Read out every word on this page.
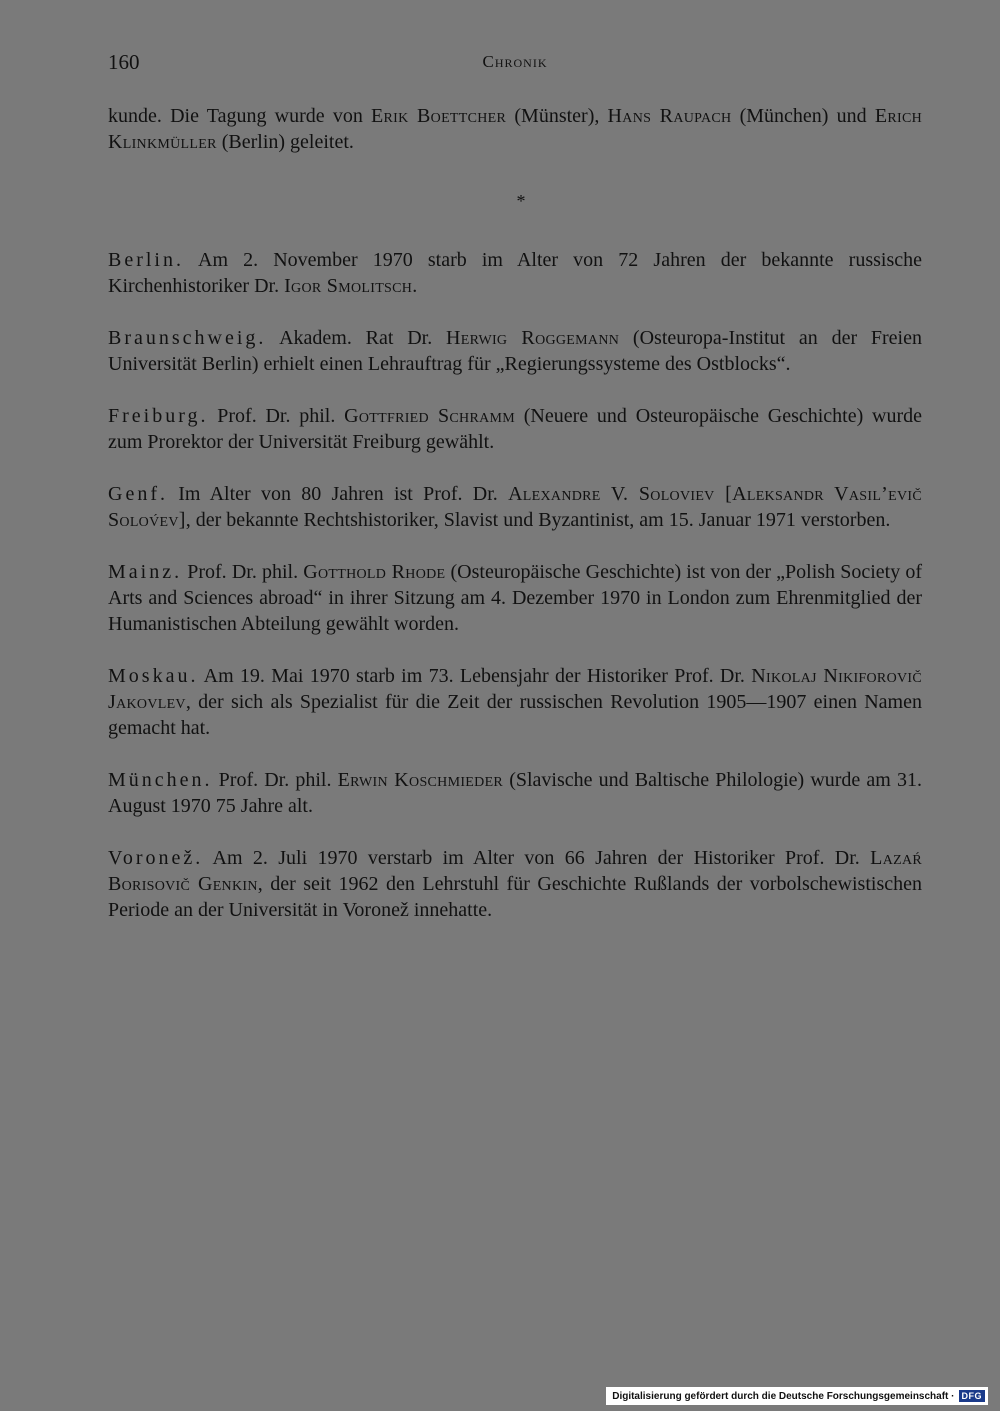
160	Chronik

kunde. Die Tagung wurde von Erik Boettcher (Münster), Hans Raupach (München) und Erich Klinkmüller (Berlin) geleitet.

*

Berlin. Am 2. November 1970 starb im Alter von 72 Jahren der bekannte russische Kirchenhistoriker Dr. Igor Smolitsch.

Braunschweig. Akadem. Rat Dr. Herwig Roggemann (Osteuropa-Institut an der Freien Universität Berlin) erhielt einen Lehrauftrag für „Regierungssysteme des Ostblocks“.

Freiburg. Prof. Dr. phil. Gottfried Schramm (Neuere und Osteuropäische Geschichte) wurde zum Prorektor der Universität Freiburg gewählt.

Genf. Im Alter von 80 Jahren ist Prof. Dr. Alexandre V. Soloviev [Aleksandr Vasil’evič Solov́ev], der bekannte Rechtshistoriker, Slavist und Byzantinist, am 15. Januar 1971 verstorben.

Mainz. Prof. Dr. phil. Gotthold Rhode (Osteuropäische Geschichte) ist von der „Polish Society of Arts and Sciences abroad“ in ihrer Sitzung am 4. Dezember 1970 in London zum Ehrenmitglied der Humanistischen Abteilung gewählt worden.

Moskau. Am 19. Mai 1970 starb im 73. Lebensjahr der Historiker Prof. Dr. Nikolaj Nikiforovič Jakovlev, der sich als Spezialist für die Zeit der russischen Revolution 1905—1907 einen Namen gemacht hat.

München. Prof. Dr. phil. Erwin Koschmieder (Slavische und Baltische Philologie) wurde am 31. August 1970 75 Jahre alt.

Voronež. Am 2. Juli 1970 verstarb im Alter von 66 Jahren der Historiker Prof. Dr. Lazaŕ Borisovič Genkin, der seit 1962 den Lehrstuhl für Geschichte Rußlands der vorbolschewistischen Periode an der Universität in Voronež innehatte.

Digitalisierung gefördert durch die Deutsche Forschungsgemeinschaft · DFG
